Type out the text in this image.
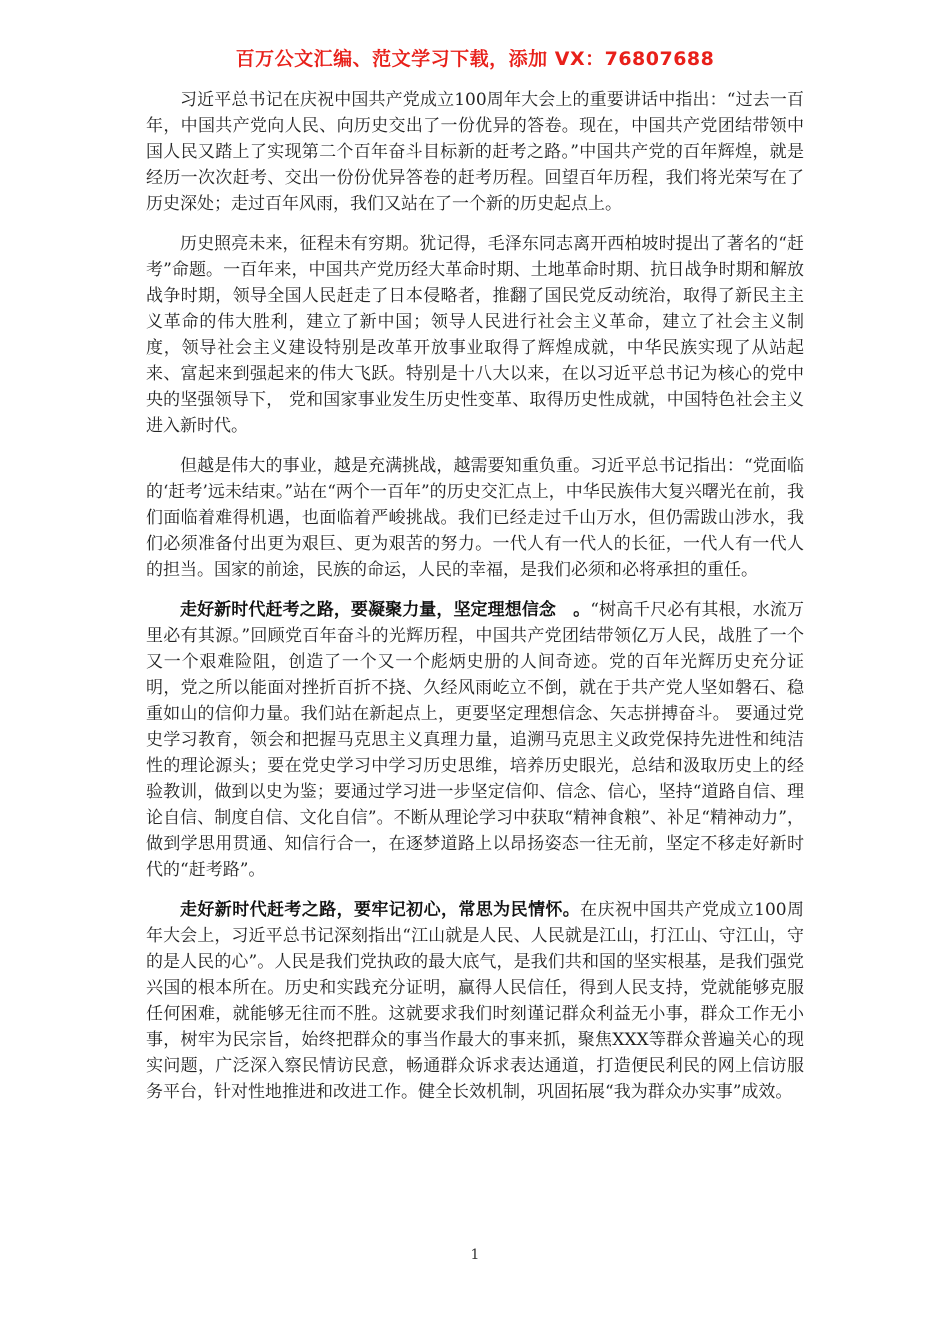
百万公文汇编、范文学习下载，添加 VX：76807688

习近平总书记在庆祝中国共产党成立100周年大会上的重要讲话中指出：“过去一百年，中国共产党向人民、向历史交出了一份优异的答卷。现在，中国共产党团结带领中国人民又踏上了实现第二个百年奋斗目标新的赶考之路。”中国共产党的百年辉煌，就是经历一次次赶考、交出一份份优异答卷的赶考历程。回望百年历程，我们将光荣写在了历史深处；走过百年风雨，我们又站在了一个新的历史起点上。

历史照亮未来，征程未有穷期。犹记得，毛泽东同志离开西柏坡时提出了著名的“赶考”命题。一百年来，中国共产党历经大革命时期、土地革命时期、抗日战争时期和解放战争时期，领导全国人民赶走了日本侵略者，推翻了国民党反动统治，取得了新民主主义革命的伟大胜利，建立了新中国；领导人民进行社会主义革命，建立了社会主义制度，领导社会主义建设特别是改革开放事业取得了辉煌成就，中华民族实现了从站起来、富起来到强起来的伟大飞跃。特别是十八大以来，在以习近平总书记为核心的党中央的坚强领导下， 党和国家事业发生历史性变革、取得历史性成就，中国特色社会主义进入新时代。

但越是伟大的事业，越是充满挑战，越需要知重负重。习近平总书记指出：“党面临的‘赶考’远未结束。”站在“两个一百年”的历史交汇点上，中华民族伟大复兴曙光在前，我们面临着难得机遇，也面临着严峻挑战。我们已经走过千山万水，但仍需跋山涉水，我们必须准备付出更为艰巨、更为艰苦的努力。一代人有一代人的长征，一代人有一代人的担当。国家的前途，民族的命运，人民的幸福，是我们必须和必将承担的重任。

走好新时代赶考之路，要凝聚力量，坚定理想信念　。“树高千尺必有其根，水流万里必有其源。”回顾党百年奋斗的光辉历程，中国共产党团结带领亿万人民，战胜了一个又一个艰难险阻，创造了一个又一个彪炳史册的人间奇迹。党的百年光辉历史充分证明，党之所以能面对挫折百折不挠、久经风雨屹立不倒，就在于共产党人坚如磐石、稳重如山的信仰力量。我们站在新起点上，更要坚定理想信念、矢志拼搏奋斗。 要通过党史学习教育，领会和把握马克思主义真理力量，追溯马克思主义政党保持先进性和纯洁性的理论源头；要在党史学习中学习历史思维，培养历史眼光，总结和汲取历史上的经验教训，做到以史为鉴；要通过学习进一步坚定信仰、信念、信心，坚持“道路自信、理论自信、制度自信、文化自信”。不断从理论学习中获取“精神食粮”、补足“精神动力”，做到学思用贯通、知信行合一，在逐梦道路上以昂扬姿态一往无前，坚定不移走好新时代的“赶考路”。

走好新时代赶考之路，要牢记初心，常思为民情怀。在庆祝中国共产党成立100周年大会上，习近平总书记深刻指出“江山就是人民、人民就是江山，打江山、守江山，守的是人民的心”。人民是我们党执政的最大底气，是我们共和国的坚实根基，是我们强党兴国的根本所在。历史和实践充分证明，赢得人民信任，得到人民支持，党就能够克服任何困难，就能够无往而不胜。这就要求我们时刻谨记群众利益无小事，群众工作无小事，树牢为民宗旨，始终把群众的事当作最大的事来抓，聚焦XXX等群众普遍关心的现实问题，广泛深入察民情访民意，畅通群众诉求表达通道，打造便民利民的网上信访服务平台，针对性地推进和改进工作。健全长效机制，巩固拓展“我为群众办实事”成效。

1
